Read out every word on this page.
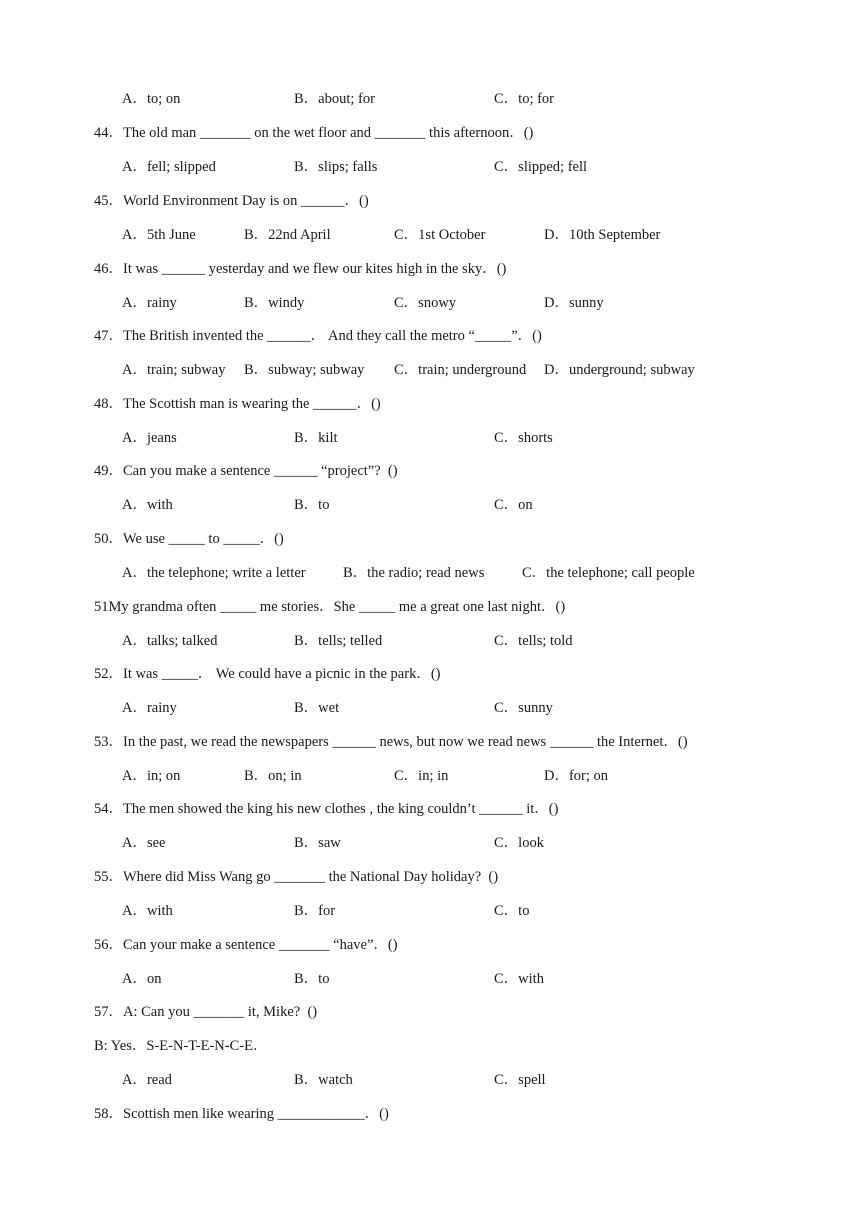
A．to; on	B．about; for	C．to; for
44．The old man _______ on the wet floor and _______ this afternoon．()
A．fell; slipped	B．slips; falls	C．slipped; fell
45．World Environment Day is on ______．()
A．5th June	B．22nd April	C．1st October	D．10th September
46．It was ______ yesterday and we flew our kites high in the sky．()
A．rainy	B．windy	C．snowy	D．sunny
47．The British invented the ______． And they call the metro “_____”．()
A．train; subway B．subway; subway C．train; underground D．underground; subway
48．The Scottish man is wearing the ______．()
A．jeans	B．kilt	C．shorts
49．Can you make a sentence ______ “project”?  ()
A．with	B．to	C．on
50．We use _____ to _____．()
A．the telephone; write a letter	B．the radio; read news	C．the telephone; call people
51My grandma often _____ me stories．She _____ me a great one last night．()
A．talks; talked	B．tells; telled	C．tells; told
52．It was _____． We could have a picnic in the park．()
A．rainy	B．wet	C．sunny
53．In the past, we read the newspapers ______ news, but now we read news ______ the Internet．()
A．in; on	B．on; in	C．in; in	D．for; on
54．The men showed the king his new clothes , the king couldn’t ______ it．()
A．see	B．saw	C．look
55．Where did Miss Wang go _______ the National Day holiday?  ()
A．with	B．for	C．to
56．Can your make a sentence _______ “have”．()
A．on	B．to	C．with
57．A: Can you _______ it, Mike?  ()
B: Yes．S-E-N-T-E-N-C-E．
A．read	B．watch	C．spell
58．Scottish men like wearing ____________．()
